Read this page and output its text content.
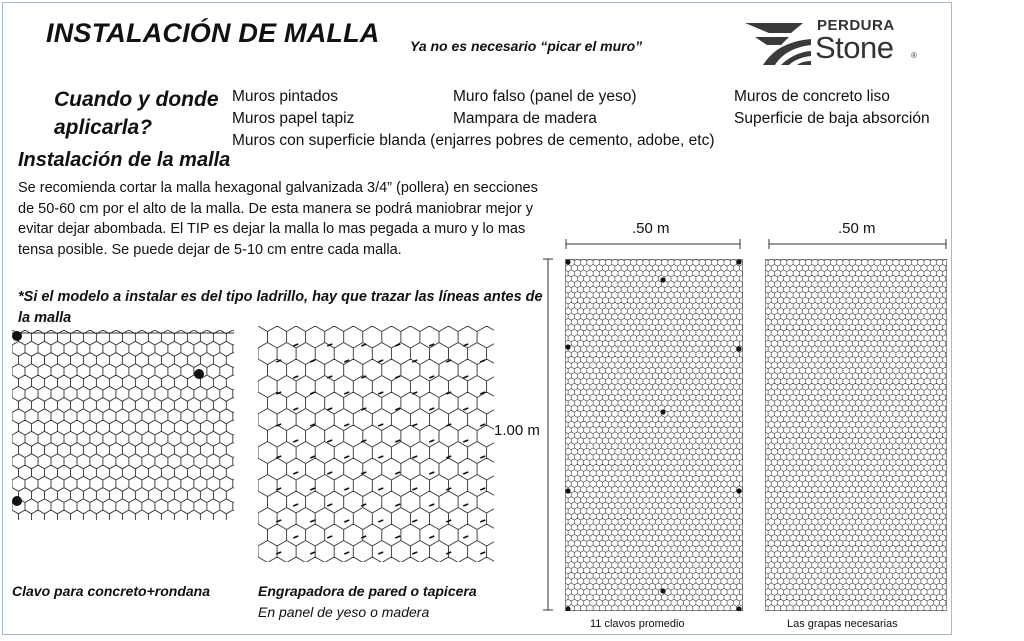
INSTALACIÓN DE MALLA Ya no es necesario “picar el muro”
PERDURA
Stone ®
Cuando y donde aplicarla?
Muros pintados	Muro falso (panel de yeso)	Muros de concreto liso
Muros papel tapiz	Mampara de madera	Superficie de baja absorción
Muros con superficie blanda (enjarres pobres de cemento, adobe, etc)
Instalación de la malla
Se recomienda cortar la malla hexagonal galvanizada 3/4” (pollera) en secciones de 50-60 cm por el alto de la malla. De esta manera se podrá maniobrar mejor y evitar dejar abombada. El TIP es dejar la malla lo mas pegada a muro y lo mas tensa posible. Se puede dejar de 5-10 cm entre cada malla.
*Si el modelo a instalar es del tipo ladrillo, hay que trazar las líneas antes de la malla
Clavo para concreto+rondana	Engrapadora de pared o tapicera
En panel de yeso o madera
.50 m	.50 m
1.00 m
11 clavos promedio	Las grapas necesarias
